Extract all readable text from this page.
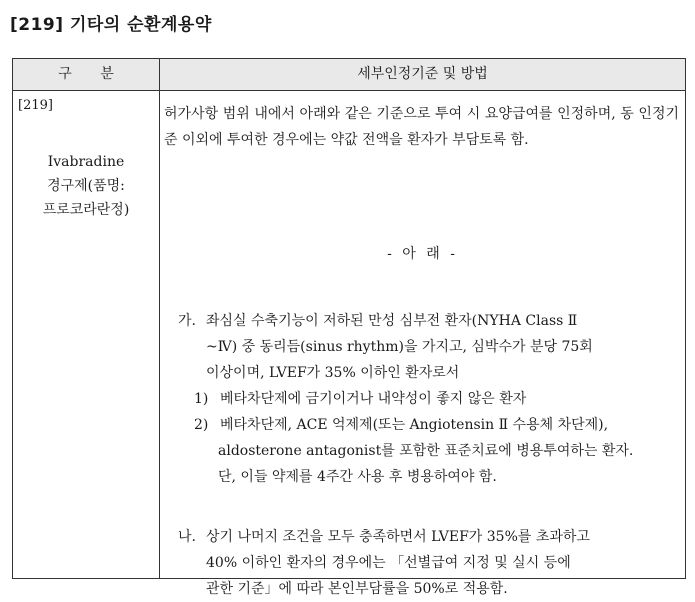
[219] 기타의 순환계용약
구 분	세부인정기준 및 방법
[219]
Ivabradine
경구제(품명:
프로코라란정)

허가사항 범위 내에서 아래와 같은 기준으로 투여 시 요양급여를 인정하며, 동 인정기준 이외에 투여한 경우에는 약값 전액을 환자가 부담토록 함.

- 아 래 -

가. 좌심실 수축기능이 저하된 만성 심부전 환자(NYHA Class Ⅱ

~Ⅳ) 중 동리듬(sinus rhythm)을 가지고, 심박수가 분당 75회

이상이며, LVEF가 35% 이하인 환자로서

1) 베타차단제에 금기이거나 내약성이 좋지 않은 환자

2) 베타차단제, ACE 억제제(또는 Angiotensin Ⅱ 수용체 차단제),

aldosterone antagonist를 포함한 표준치료에 병용투여하는 환자.

단, 이들 약제를 4주간 사용 후 병용하여야 함.

나. 상기 나머지 조건을 모두 충족하면서 LVEF가 35%를 초과하고

40% 이하인 환자의 경우에는 「선별급여 지정 및 실시 등에

관한 기준」에 따라 본인부담률을 50%로 적용함.
